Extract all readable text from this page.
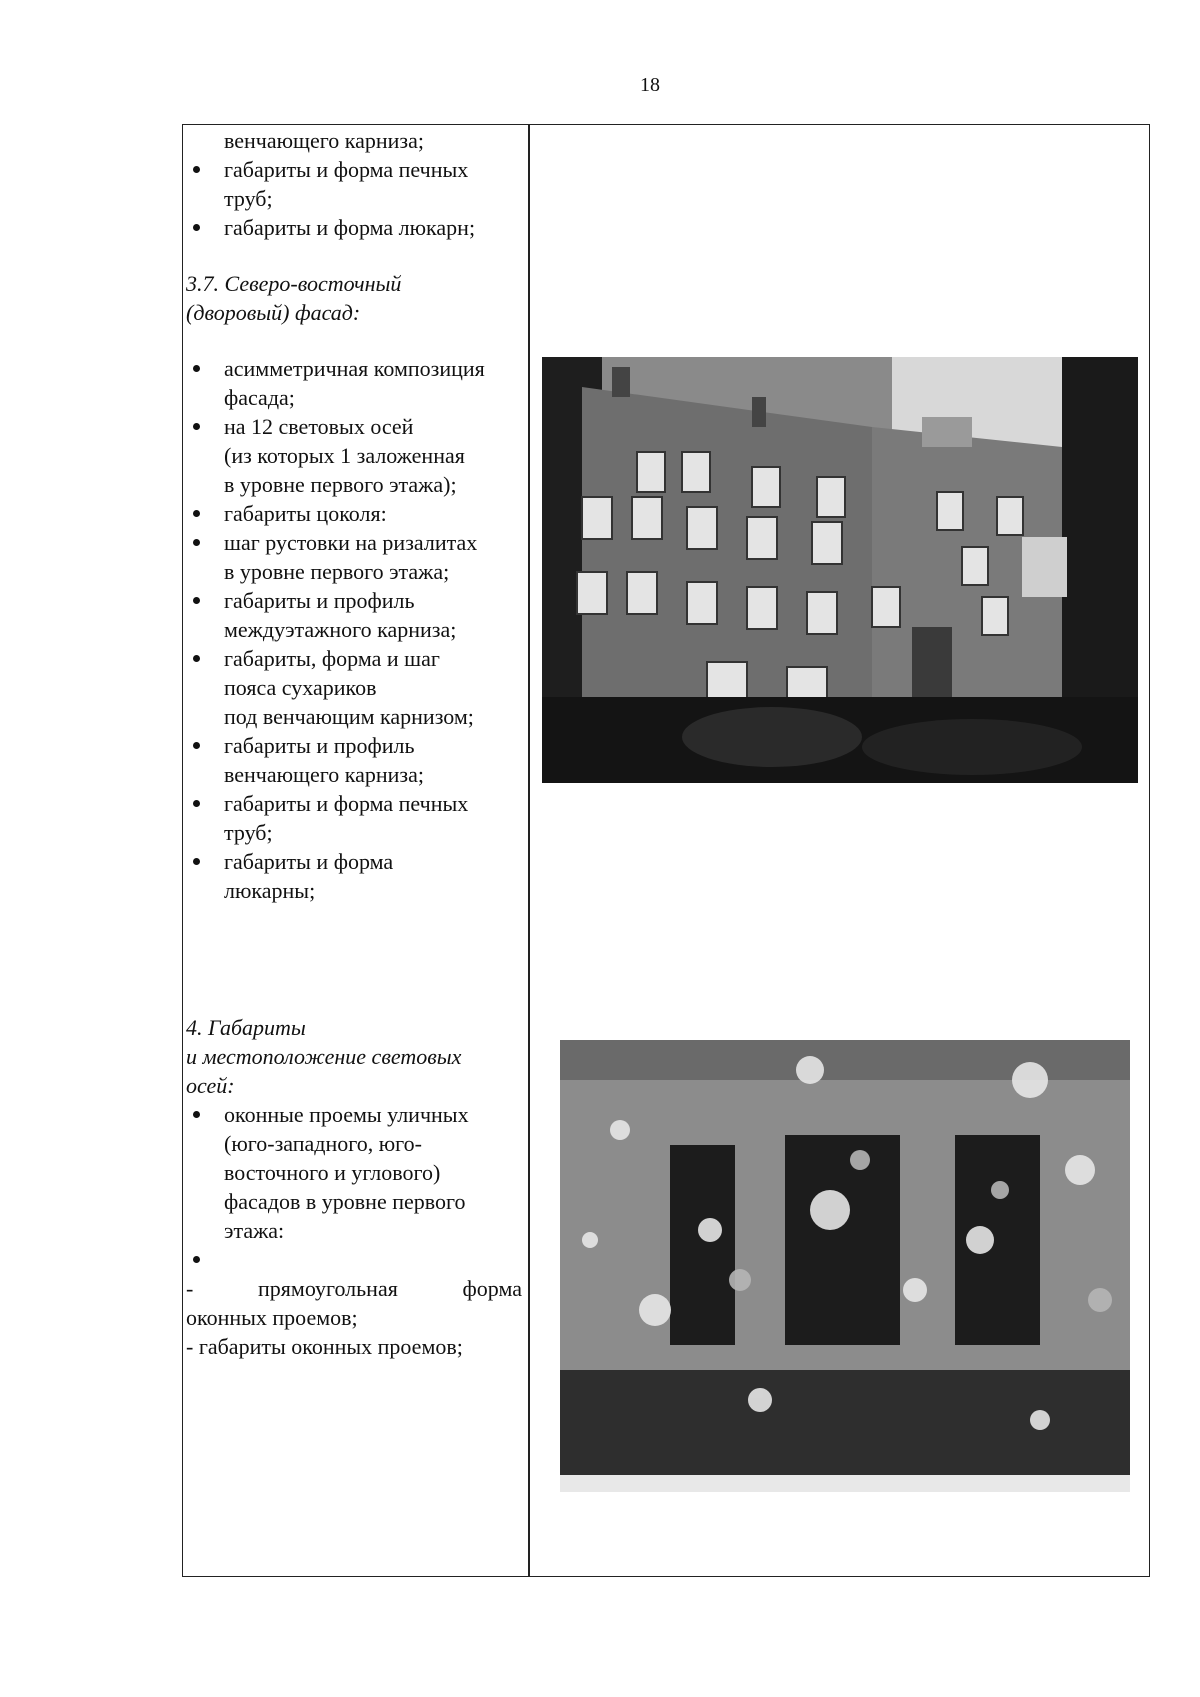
18

венчающего карниза;

габариты и форма печных

труб;

габариты и форма люкарн;

3.7. Северо-восточный

(дворовый) фасад:

асимметричная композиция

фасада;

на 12 световых осей

(из которых 1 заложенная

в уровне первого этажа);

габариты цоколя:

шаг рустовки на ризалитах

в уровне первого этажа;

габариты и профиль

междуэтажного карниза;

габариты, форма и шаг

пояса сухариков

под венчающим карнизом;

габариты и профиль

венчающего карниза;

габариты и форма печных

труб;

габариты и форма

люкарны;

4. Габариты

и местоположение световых

осей:

оконные проемы уличных

(юго-западного, юго-

восточного и углового)

фасадов в уровне первого

этажа:

-	прямоугольная	форма

оконных проемов;

- габариты оконных проемов;
